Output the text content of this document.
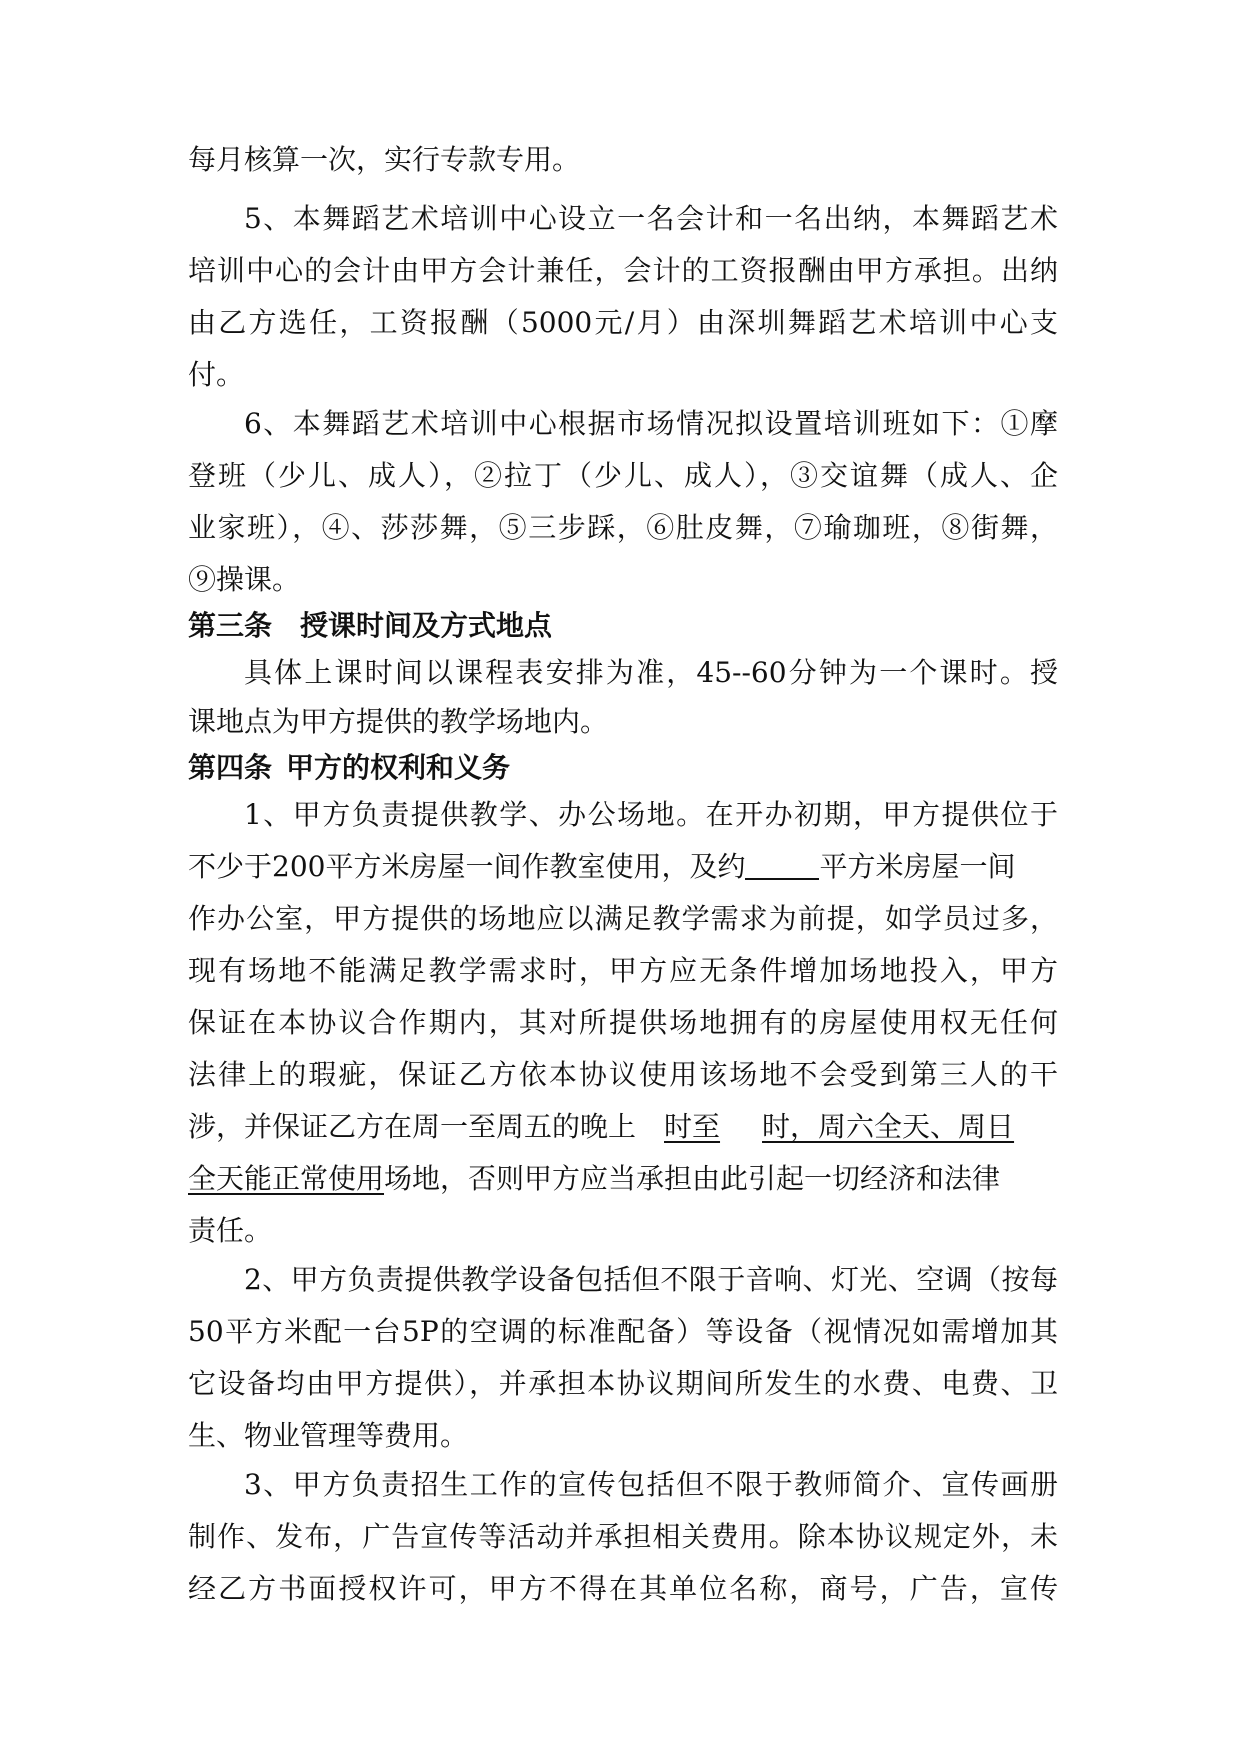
每月核算一次，实行专款专用。
5、本舞蹈艺术培训中心设立一名会计和一名出纳，本舞蹈艺术
培训中心的会计由甲方会计兼任，会计的工资报酬由甲方承担。出纳
由乙方选任，工资报酬（5000元/月）由深圳舞蹈艺术培训中心支
付。
6、本舞蹈艺术培训中心根据市场情况拟设置培训班如下：①摩
登班（少儿、成人），②拉丁（少儿、成人），③交谊舞（成人、企
业家班），④、莎莎舞，⑤三步踩，⑥肚皮舞，⑦瑜珈班，⑧街舞，
⑨操课。
第三条 授课时间及方式地点
具体上课时间以课程表安排为准，45--60分钟为一个课时。授
课地点为甲方提供的教学场地内。
第四条 甲方的权利和义务
1、甲方负责提供教学、办公场地。在开办初期，甲方提供位于
不少于200平方米房屋一间作教室使用，及约	平方米房屋一间
作办公室，甲方提供的场地应以满足教学需求为前提，如学员过多，
现有场地不能满足教学需求时，甲方应无条件增加场地投入，甲方
保证在本协议合作期内，其对所提供场地拥有的房屋使用权无任何
法律上的瑕疵，保证乙方依本协议使用该场地不会受到第三人的干
涉，并保证乙方在周一至周五的晚上 时至 时，周六全天、周日
全天能正常使用场地，否则甲方应当承担由此引起一切经济和法律
责任。
2、甲方负责提供教学设备包括但不限于音响、灯光、空调（按每
50平方米配一台5P的空调的标准配备）等设备（视情况如需增加其
它设备均由甲方提供），并承担本协议期间所发生的水费、电费、卫
生、物业管理等费用。
3、甲方负责招生工作的宣传包括但不限于教师简介、宣传画册
制作、发布，广告宣传等活动并承担相关费用。除本协议规定外，未
经乙方书面授权许可，甲方不得在其单位名称，商号，广告，宣传
